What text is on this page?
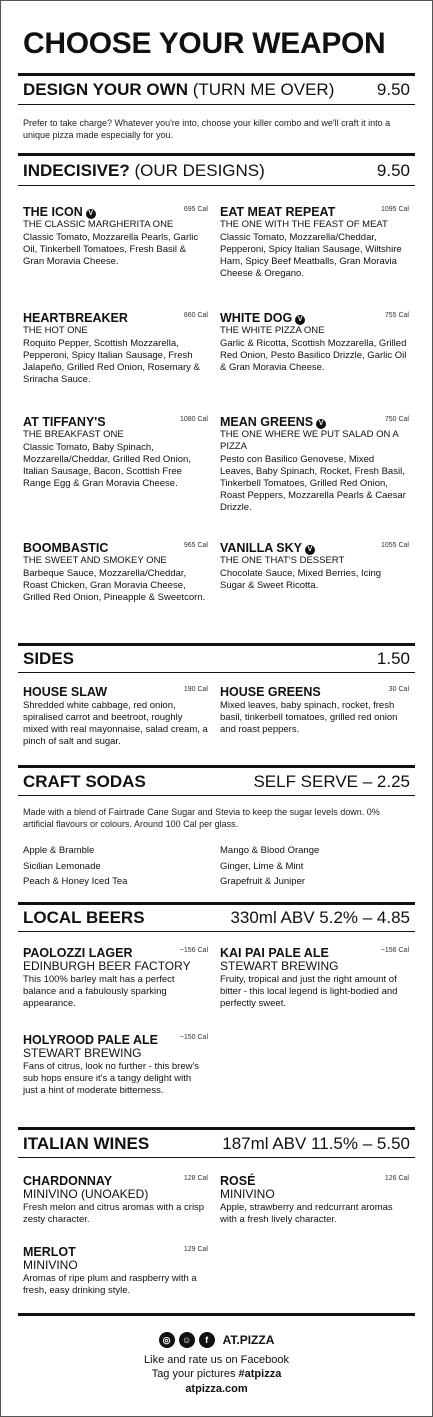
CHOOSE YOUR WEAPON
DESIGN YOUR OWN (TURN ME OVER)	9.50
Prefer to take charge? Whatever you're into, choose your killer combo and we'll craft it into a unique pizza made especially for you.
INDECISIVE? (OUR DESIGNS)	9.50
THE ICON V
695 Cal
THE CLASSIC MARGHERITA ONE
Classic Tomato, Mozzarella Pearls, Garlic Oil, Tinkerbell Tomatoes, Fresh Basil & Gran Moravia Cheese.
EAT MEAT REPEAT	1095 Cal
THE ONE WITH THE FEAST OF MEAT
Classic Tomato, Mozzarella/Cheddar, Pepperoni, Spicy Italian Sausage, Wiltshire Ham, Spicy Beef Meatballs, Gran Moravia Cheese & Oregano.
HEARTBREAKER	860 Cal
THE HOT ONE
Roquito Pepper, Scottish Mozzarella, Pepperoni, Spicy Italian Sausage, Fresh Jalapeño, Grilled Red Onion, Rosemary & Sriracha Sauce.
WHITE DOG V
755 Cal
THE WHITE PIZZA ONE
Garlic & Ricotta, Scottish Mozzarella, Grilled Red Onion, Pesto Basilico Drizzle, Garlic Oil & Gran Moravia Cheese.
AT TIFFANY'S	1080 Cal
THE BREAKFAST ONE
Classic Tomato, Baby Spinach, Mozzarella/Cheddar, Grilled Red Onion, Italian Sausage, Bacon, Scottish Free Range Egg & Gran Moravia Cheese.
MEAN GREENS V
750 Cal
THE ONE WHERE WE PUT SALAD ON A PIZZA
Pesto con Basilico Genovese, Mixed Leaves, Baby Spinach, Rocket, Fresh Basil, Tinkerbell Tomatoes, Grilled Red Onion, Roast Peppers, Mozzarella Pearls & Caesar Drizzle.
BOOMBASTIC	965 Cal
THE SWEET AND SMOKEY ONE
Barbeque Sauce, Mozzarella/Cheddar, Roast Chicken, Gran Moravia Cheese, Grilled Red Onion, Pineapple & Sweetcorn.
VANILLA SKY V
1055 Cal
THE ONE THAT'S DESSERT
Chocolate Sauce, Mixed Berries, Icing Sugar & Sweet Ricotta.
SIDES	1.50
HOUSE SLAW	190 Cal
Shredded white cabbage, red onion, spiralised carrot and beetroot, roughly mixed with real mayonnaise, salad cream, a pinch of salt and sugar.
HOUSE GREENS	30 Cal
Mixed leaves, baby spinach, rocket, fresh basil, tinkerbell tomatoes, grilled red onion and roast peppers.
CRAFT SODAS	SELF SERVE – 2.25
Made with a blend of Fairtrade Cane Sugar and Stevia to keep the sugar levels down. 0% artificial flavours or colours. Around 100 Cal per glass.
Apple & Bramble
Sicilian Lemonade
Peach & Honey Iced Tea
Mango & Blood Orange
Ginger, Lime & Mint
Grapefruit & Juniper
LOCAL BEERS	330ml ABV 5.2% – 4.85
PAOLOZZI LAGER	~156 Cal
EDINBURGH BEER FACTORY
This 100% barley malt has a perfect balance and a fabulously sparking appearance.
KAI PAI PALE ALE	~156 Cal
STEWART BREWING
Fruity, tropical and just the right amount of bitter - this local legend is light-bodied and perfectly sweet.
HOLYROOD PALE ALE	~150 Cal
STEWART BREWING
Fans of citrus, look no further - this brew's sub hops ensure it's a tangy delight with just a hint of moderate bitterness.
ITALIAN WINES	187ml ABV 11.5% – 5.50
CHARDONNAY	128 Cal
MINIVINO (UNOAKED)
Fresh melon and citrus aromas with a crisp zesty character.
ROSÉ	126 Cal
MINIVINO
Apple, strawberry and redcurrant aromas with a fresh lively character.
MERLOT	129 Cal
MINIVINO
Aromas of ripe plum and raspberry with a fresh, easy drinking style.
◎	☺	f	AT.PIZZA
Like and rate us on Facebook
Tag your pictures #atpizza
atpizza.com
